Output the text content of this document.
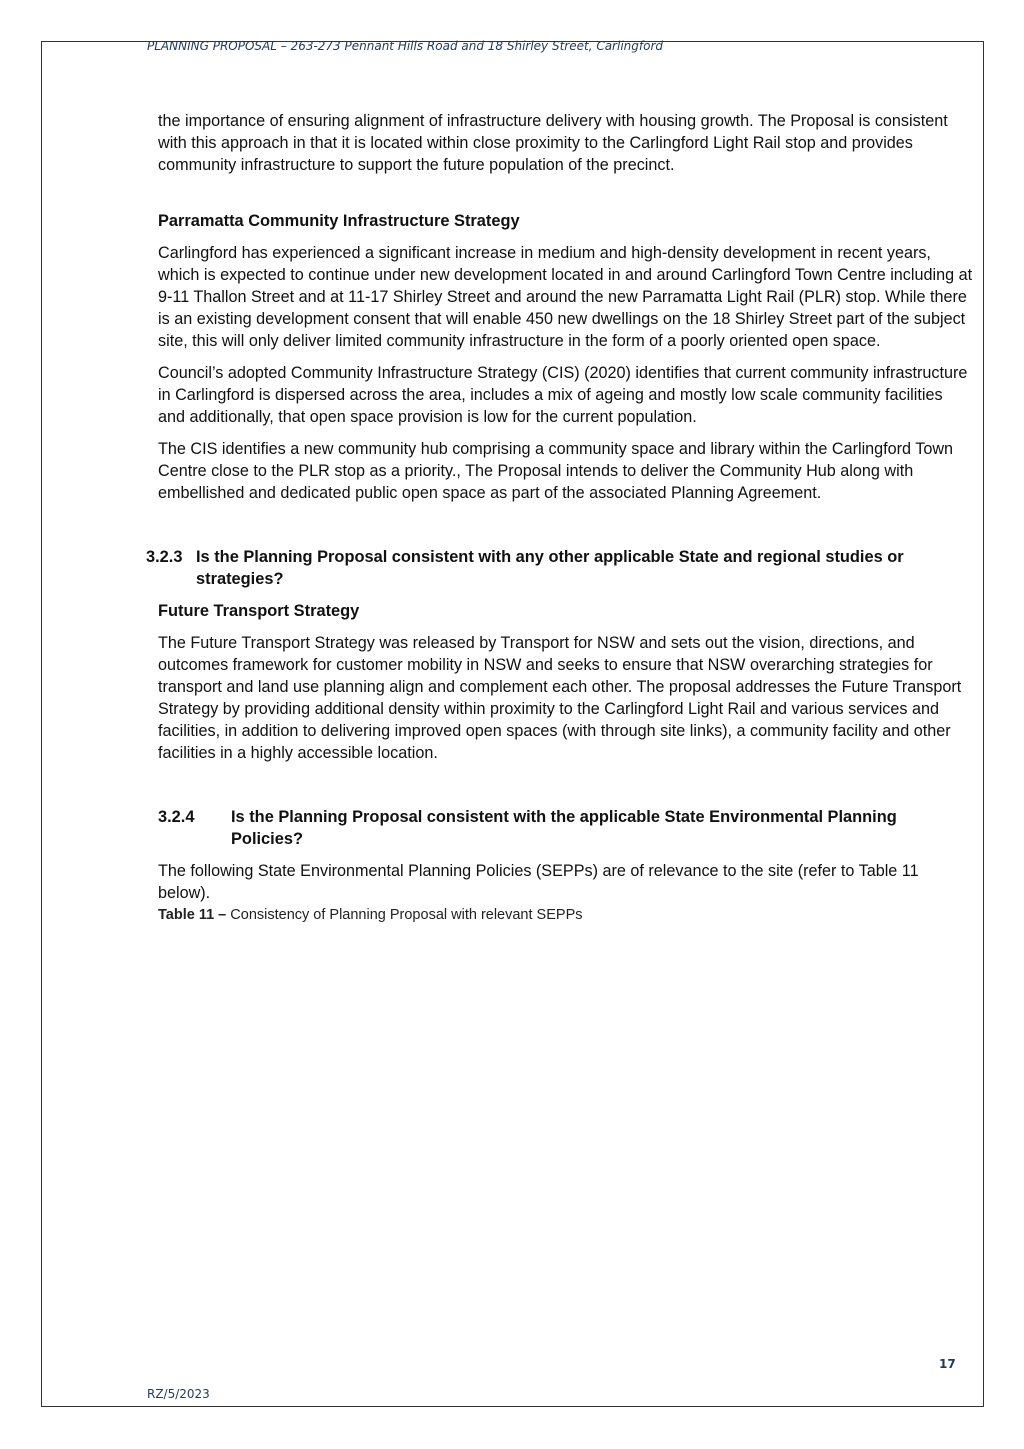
PLANNING PROPOSAL – 263-273 Pennant Hills Road and 18 Shirley Street, Carlingford

the importance of ensuring alignment of infrastructure delivery with housing growth. The Proposal is consistent with this approach in that it is located within close proximity to the Carlingford Light Rail stop and provides community infrastructure to support the future population of the precinct.

Parramatta Community Infrastructure Strategy

Carlingford has experienced a significant increase in medium and high-density development in recent years, which is expected to continue under new development located in and around Carlingford Town Centre including at 9-11 Thallon Street and at 11-17 Shirley Street and around the new Parramatta Light Rail (PLR) stop. While there is an existing development consent that will enable 450 new dwellings on the 18 Shirley Street part of the subject site, this will only deliver limited community infrastructure in the form of a poorly oriented open space.

Council’s adopted Community Infrastructure Strategy (CIS) (2020) identifies that current community infrastructure in Carlingford is dispersed across the area, includes a mix of ageing and mostly low scale community facilities and additionally, that open space provision is low for the current population.

The CIS identifies a new community hub comprising a community space and library within the Carlingford Town Centre close to the PLR stop as a priority., The Proposal intends to deliver the Community Hub along with embellished and dedicated public open space as part of the associated Planning Agreement.

3.2.3 Is the Planning Proposal consistent with any other applicable State and regional studies or strategies?
Future Transport Strategy

The Future Transport Strategy was released by Transport for NSW and sets out the vision, directions, and outcomes framework for customer mobility in NSW and seeks to ensure that NSW overarching strategies for transport and land use planning align and complement each other. The proposal addresses the Future Transport Strategy by providing additional density within proximity to the Carlingford Light Rail and various services and facilities, in addition to delivering improved open spaces (with through site links), a community facility and other facilities in a highly accessible location.

3.2.4	Is the Planning Proposal consistent with the applicable State Environmental Planning Policies?

The following State Environmental Planning Policies (SEPPs) are of relevance to the site (refer to Table 11 below).

Table 11 – Consistency of Planning Proposal with relevant SEPPs

17
RZ/5/2023
